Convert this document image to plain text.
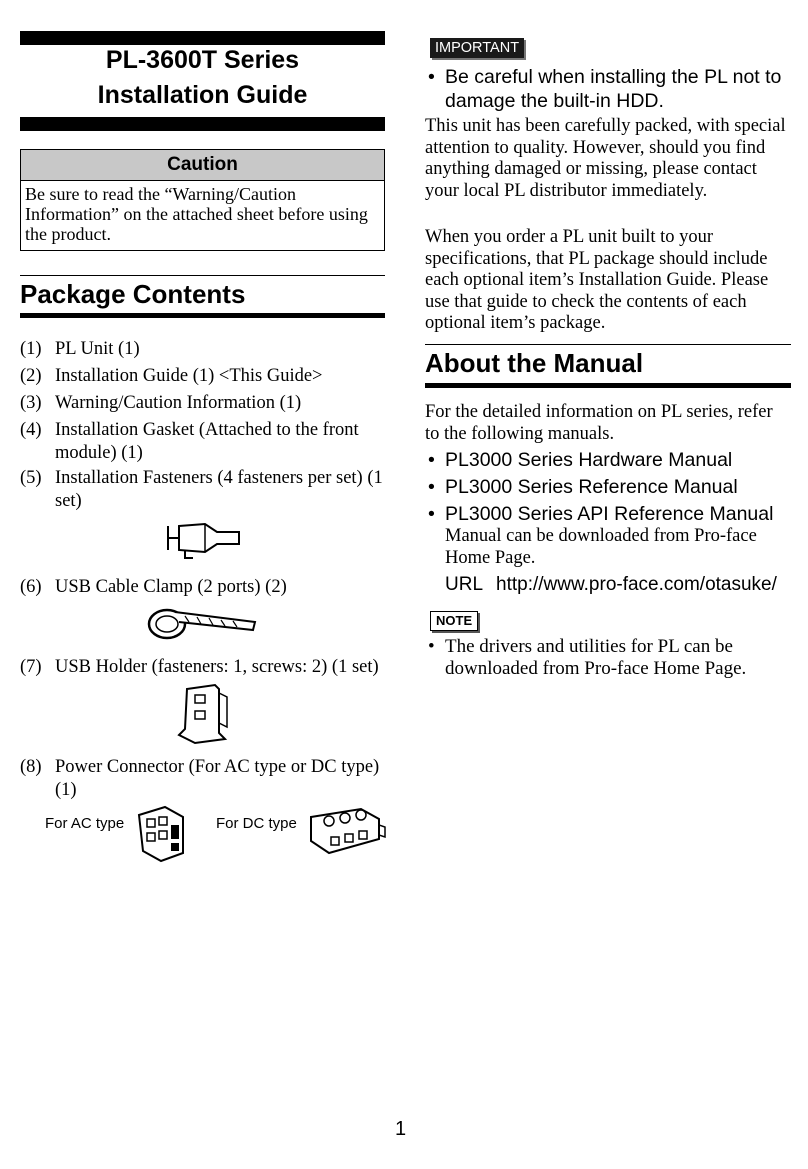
PL-3600T Series
Installation Guide
Caution
Be sure to read the “Warning/Caution Information” on the attached sheet before using the product.
Package Contents
(1) PL Unit (1)
(2) Installation Guide (1) <This Guide>
(3) Warning/Caution Information (1)
(4) Installation Gasket (Attached to the front module) (1)
(5) Installation Fasteners (4 fasteners per set) (1 set)
(6) USB Cable Clamp (2 ports) (2)
(7) USB Holder (fasteners: 1, screws: 2) (1 set)
(8) Power Connector (For AC type or DC type) (1)
For AC type	For DC type
IMPORTANT
• Be careful when installing the PL not to damage the built-in HDD.
This unit has been carefully packed, with special attention to quality. However, should you find anything damaged or missing, please contact your local PL distributor immediately.
When you order a PL unit built to your specifications, that PL package should include each optional item’s Installation Guide. Please use that guide to check the contents of each optional item’s package.
About the Manual
For the detailed information on PL series, refer to the following manuals.
• PL3000 Series Hardware Manual
• PL3000 Series Reference Manual
• PL3000 Series API Reference Manual
Manual can be downloaded from Pro-face Home Page.
URL http://www.pro-face.com/otasuke/
NOTE
• The drivers and utilities for PL can be downloaded from Pro-face Home Page.
1
